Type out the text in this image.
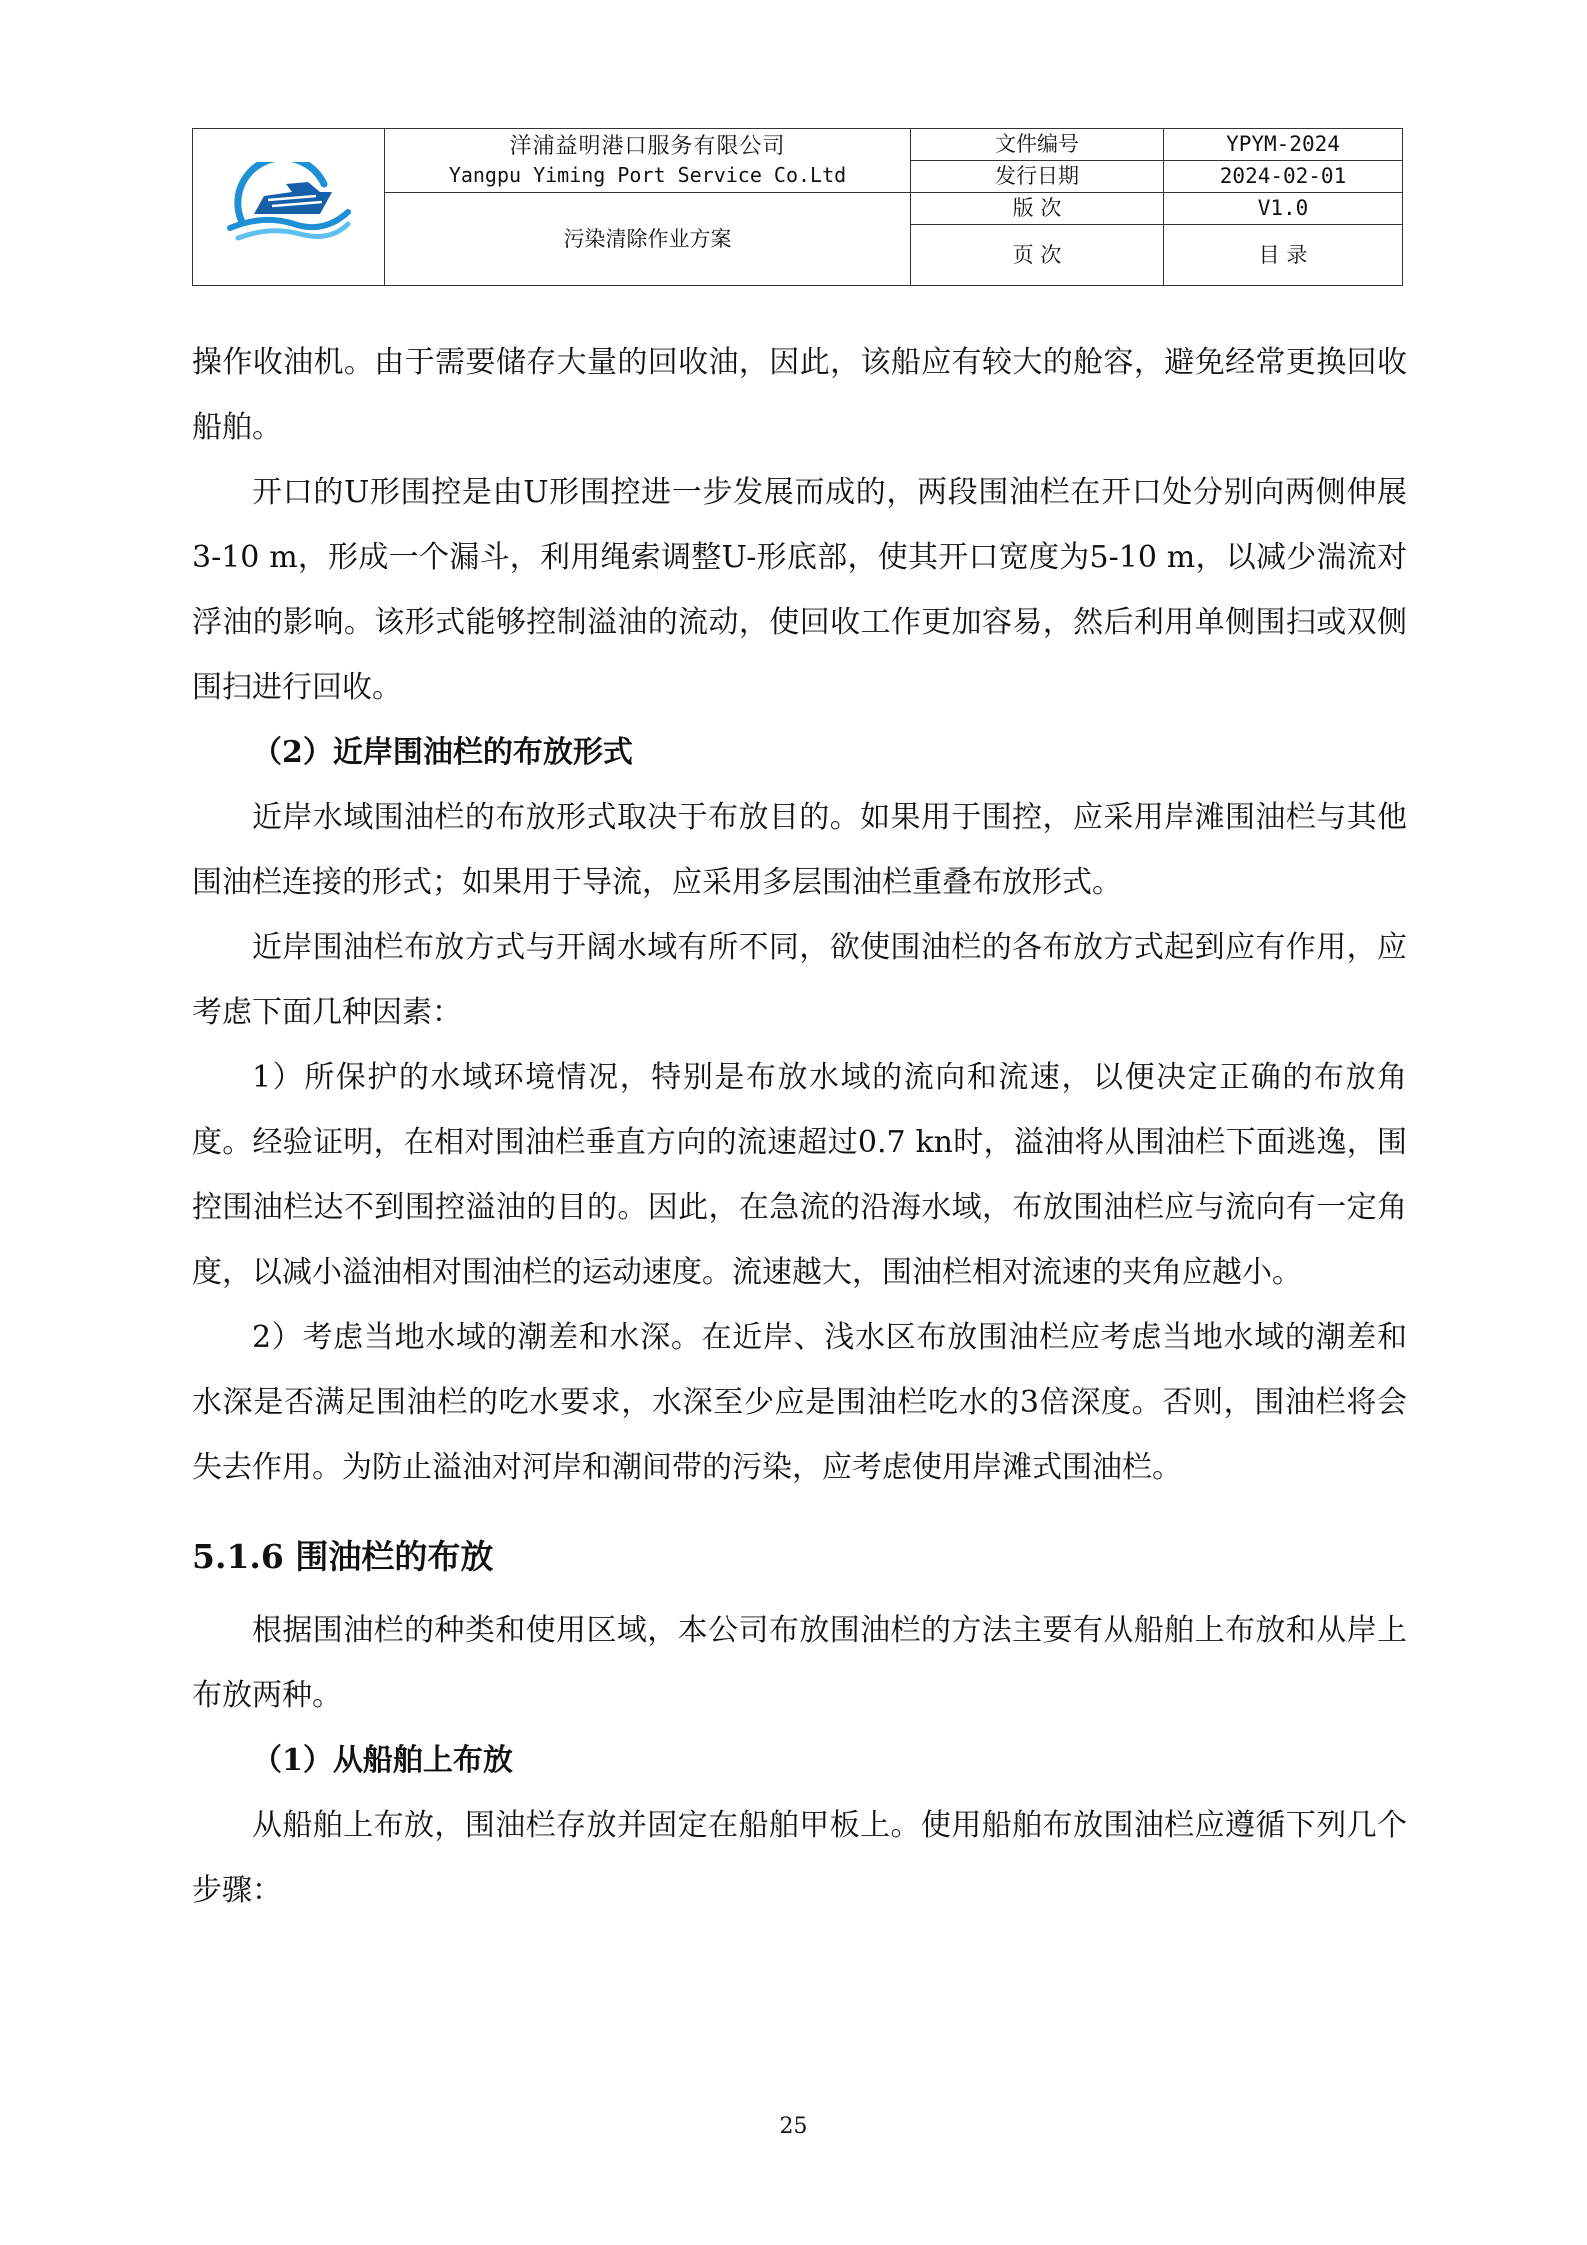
洋浦益明港口服务有限公司
Yangpu Yiming Port Service Co.Ltd	文件编号	YPYM-2024
		发行日期	2024-02-01
	污染清除作业方案	版 次	V1.0
		页 次	目 录

操作收油机。由于需要储存大量的回收油，因此，该船应有较大的舱容，避免经常更换回收船舶。

开口的U形围控是由U形围控进一步发展而成的，两段围油栏在开口处分别向两侧伸展3-10 m，形成一个漏斗，利用绳索调整U-形底部，使其开口宽度为5-10 m，以减少湍流对浮油的影响。该形式能够控制溢油的流动，使回收工作更加容易，然后利用单侧围扫或双侧围扫进行回收。

（2）近岸围油栏的布放形式

近岸水域围油栏的布放形式取决于布放目的。如果用于围控，应采用岸滩围油栏与其他围油栏连接的形式；如果用于导流，应采用多层围油栏重叠布放形式。

近岸围油栏布放方式与开阔水域有所不同，欲使围油栏的各布放方式起到应有作用，应考虑下面几种因素：

1）所保护的水域环境情况，特别是布放水域的流向和流速，以便决定正确的布放角度。经验证明，在相对围油栏垂直方向的流速超过0.7 kn时，溢油将从围油栏下面逃逸，围控围油栏达不到围控溢油的目的。因此，在急流的沿海水域，布放围油栏应与流向有一定角度，以减小溢油相对围油栏的运动速度。流速越大，围油栏相对流速的夹角应越小。

2）考虑当地水域的潮差和水深。在近岸、浅水区布放围油栏应考虑当地水域的潮差和水深是否满足围油栏的吃水要求，水深至少应是围油栏吃水的3倍深度。否则，围油栏将会失去作用。为防止溢油对河岸和潮间带的污染，应考虑使用岸滩式围油栏。

5.1.6 围油栏的布放

根据围油栏的种类和使用区域，本公司布放围油栏的方法主要有从船舶上布放和从岸上布放两种。

（1）从船舶上布放

从船舶上布放，围油栏存放并固定在船舶甲板上。使用船舶布放围油栏应遵循下列几个步骤：

25
